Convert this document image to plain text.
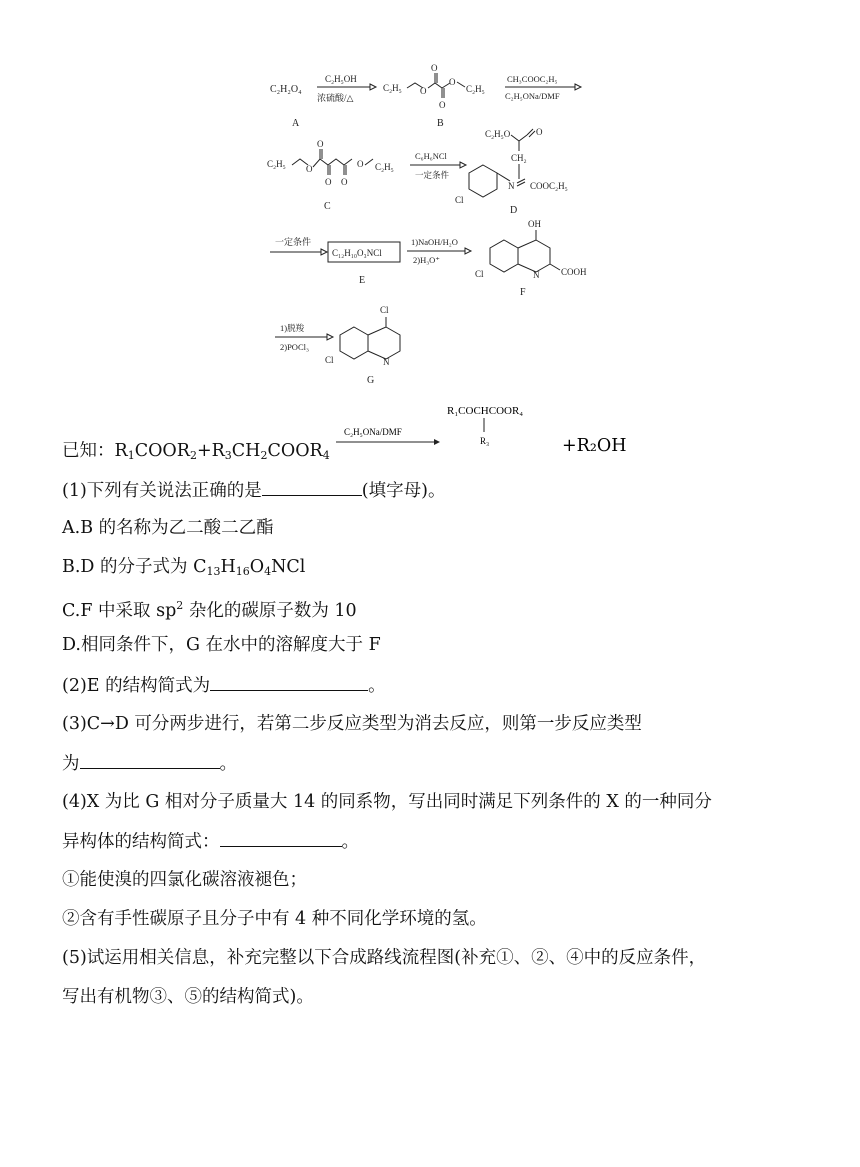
C₂H₂O₄
A
C₂H₅OH
浓硫酸/△
C₂H₅ O
O
O
O
C₂H₅
B
CH₃COOC₂H₅
C₂H₅ONa/DMF
C₂H₅ O
O
O O
O C₂H₅
C
C₆H₆NCl
一定条件
C₂H₅O	O
CH₂
N
Cl
COOC₂H₅
D
一定条件
C₁₂H₁₀O₃NCl
E
1)NaOH/H₂O
2)H₃O⁺
OH
N
Cl	COOH
F
1)脱羧
2)POCl₃
Cl
N
Cl
G
已知：$R_1COOR_2+R_3CH_2COOR_4$
C₂H₅ONa/DMF
R₁COCHCOOR₄
R₃	+R₂OH
(1)下列有关说法正确的是	(填字母)。
A.B 的名称为乙二酸二乙酯
B.D 的分子式为 $C_{13}H_{16}O_4NCl$
C.F 中采取 $sp^2$ 杂化的碳原子数为 10
D.相同条件下，G 在水中的溶解度大于 F
(2)E 的结构简式为	。
(3)C→D 可分两步进行，若第二步反应类型为消去反应，则第一步反应类型
为	。
(4)X 为比 G 相对分子质量大 14 的同系物，写出同时满足下列条件的 X 的一种同分
异构体的结构简式：	。
①能使溴的四氯化碳溶液褪色；
②含有手性碳原子且分子中有 4 种不同化学环境的氢。
(5)试运用相关信息，补充完整以下合成路线流程图(补充①、②、④中的反应条件，
写出有机物③、⑤的结构简式)。
